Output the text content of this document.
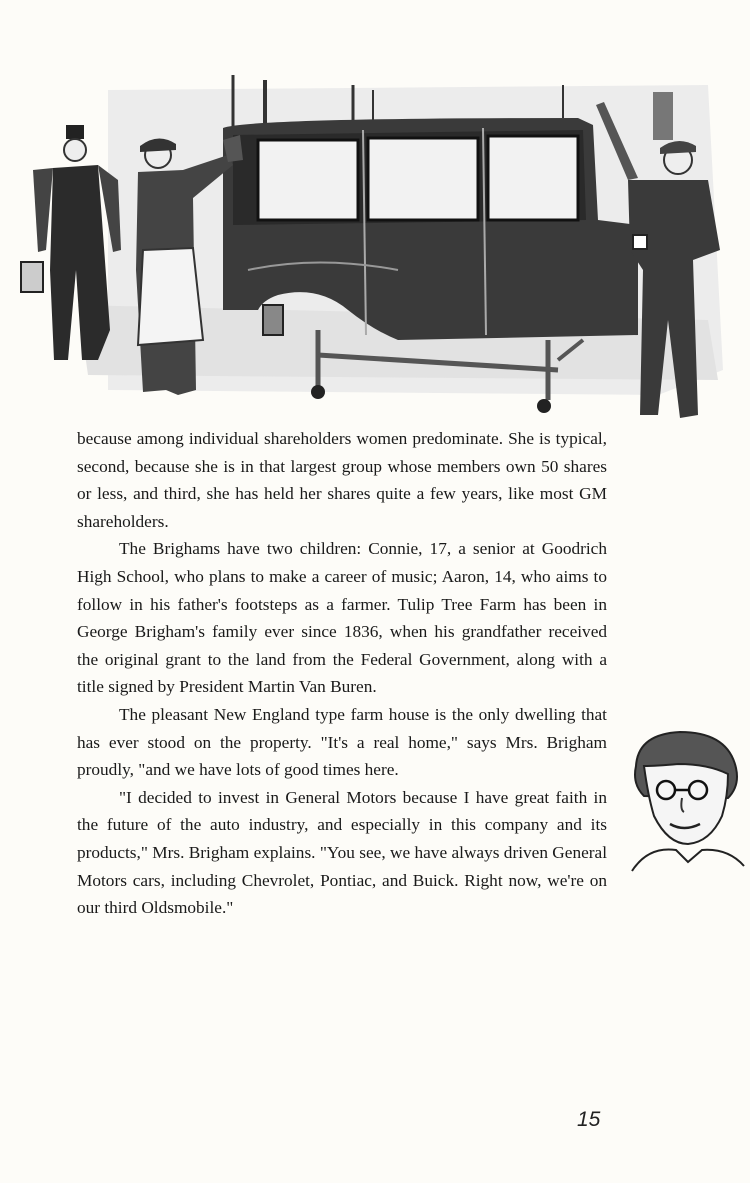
because among individual shareholders women predominate. She is typical, second, because she is in that largest group whose members own 50 shares or less, and third, she has held her shares quite a few years, like most GM shareholders.

The Brighams have two children: Connie, 17, a senior at Goodrich High School, who plans to make a career of music; Aaron, 14, who aims to follow in his father's footsteps as a farmer. Tulip Tree Farm has been in George Brigham's family ever since 1836, when his grandfather received the original grant to the land from the Federal Government, along with a title signed by President Martin Van Buren.

The pleasant New England type farm house is the only dwelling that has ever stood on the property. "It's a real home," says Mrs. Brigham proudly, "and we have lots of good times here.

"I decided to invest in General Motors because I have great faith in the future of the auto industry, and especially in this company and its products," Mrs. Brigham explains. "You see, we have always driven General Motors cars, including Chevrolet, Pontiac, and Buick. Right now, we're on our third Oldsmobile."

15
